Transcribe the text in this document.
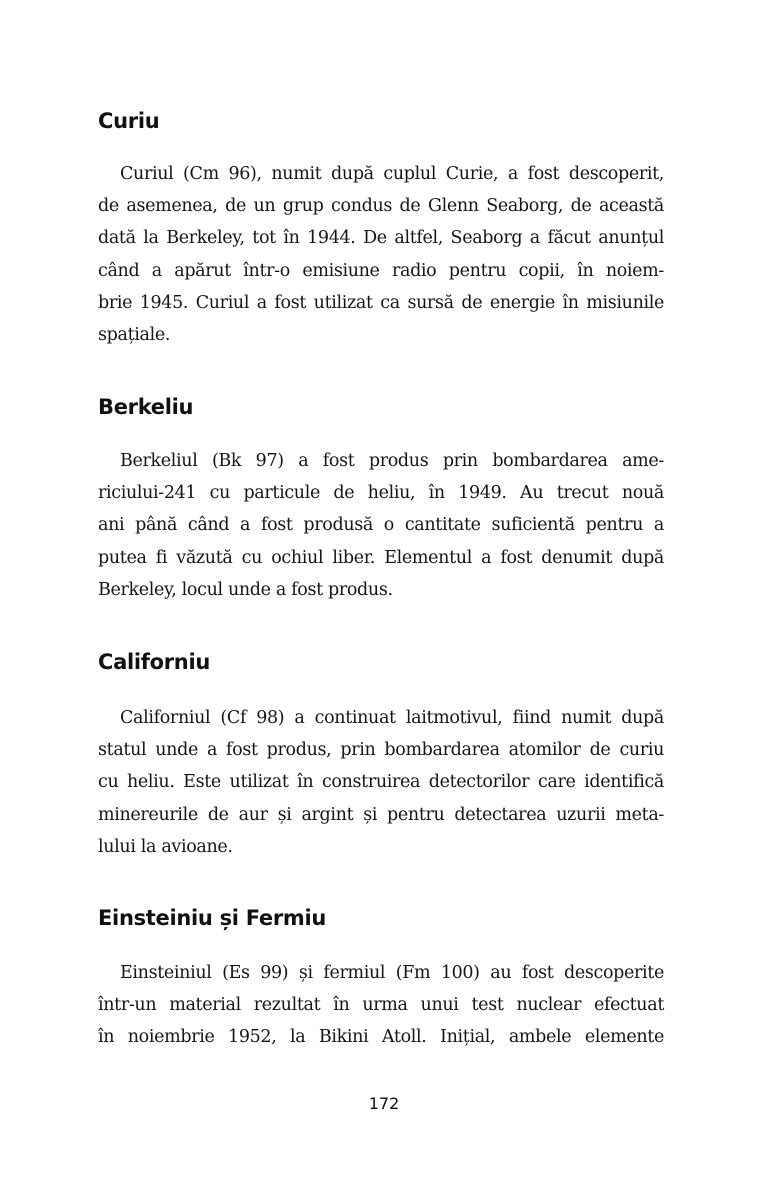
Curiu
Curiul (Cm 96), numit după cuplul Curie, a fost descoperit,
de asemenea, de un grup condus de Glenn Seaborg, de această
dată la Berkeley, tot în 1944. De altfel, Seaborg a făcut anunțul
când a apărut într-o emisiune radio pentru copii, în noiem-
brie 1945. Curiul a fost utilizat ca sursă de energie în misiunile
spațiale.
Berkeliu
Berkeliul (Bk 97) a fost produs prin bombardarea ame-
riciului-241 cu particule de heliu, în 1949. Au trecut nouă
ani până când a fost produsă o cantitate suficientă pentru a
putea fi văzută cu ochiul liber. Elementul a fost denumit după
Berkeley, locul unde a fost produs.
Californiu
Californiul (Cf 98) a continuat laitmotivul, fiind numit după
statul unde a fost produs, prin bombardarea atomilor de curiu
cu heliu. Este utilizat în construirea detectorilor care identifică
minereurile de aur și argint și pentru detectarea uzurii meta-
lului la avioane.
Einsteiniu și Fermiu
Einsteiniul (Es 99) și fermiul (Fm 100) au fost descoperite
într-un material rezultat în urma unui test nuclear efectuat
în noiembrie 1952, la Bikini Atoll. Inițial, ambele elemente

172
